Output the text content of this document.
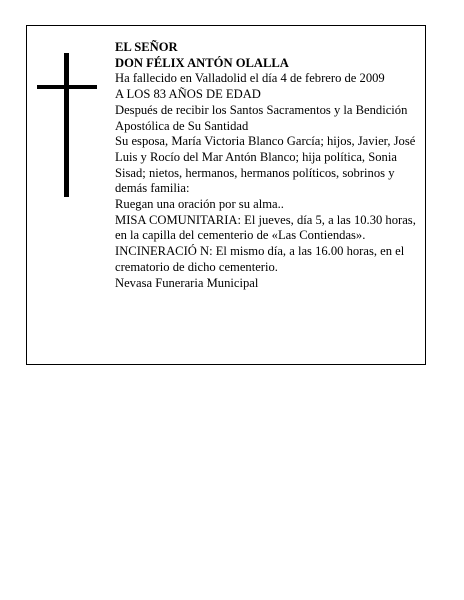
EL SEÑOR

DON FÉLIX ANTÓN OLALLA

Ha fallecido en Valladolid el día 4 de febrero de 2009

A LOS 83 AÑOS DE EDAD

Después de recibir los Santos Sacramentos y la Bendición Apostólica de Su Santidad

Su esposa, María Victoria Blanco García; hijos, Javier, José Luis y Rocío del Mar Antón Blanco; hija política, Sonia Sisad; nietos, hermanos, hermanos políticos, sobrinos y demás familia:

Ruegan una oración por su alma..

MISA COMUNITARIA: El jueves, día 5, a las 10.30 horas, en la capilla del cementerio de «Las Contiendas».

INCINERACIÓ N: El mismo día, a las 16.00 horas, en el crematorio de dicho cementerio.

Nevasa Funeraria Municipal
